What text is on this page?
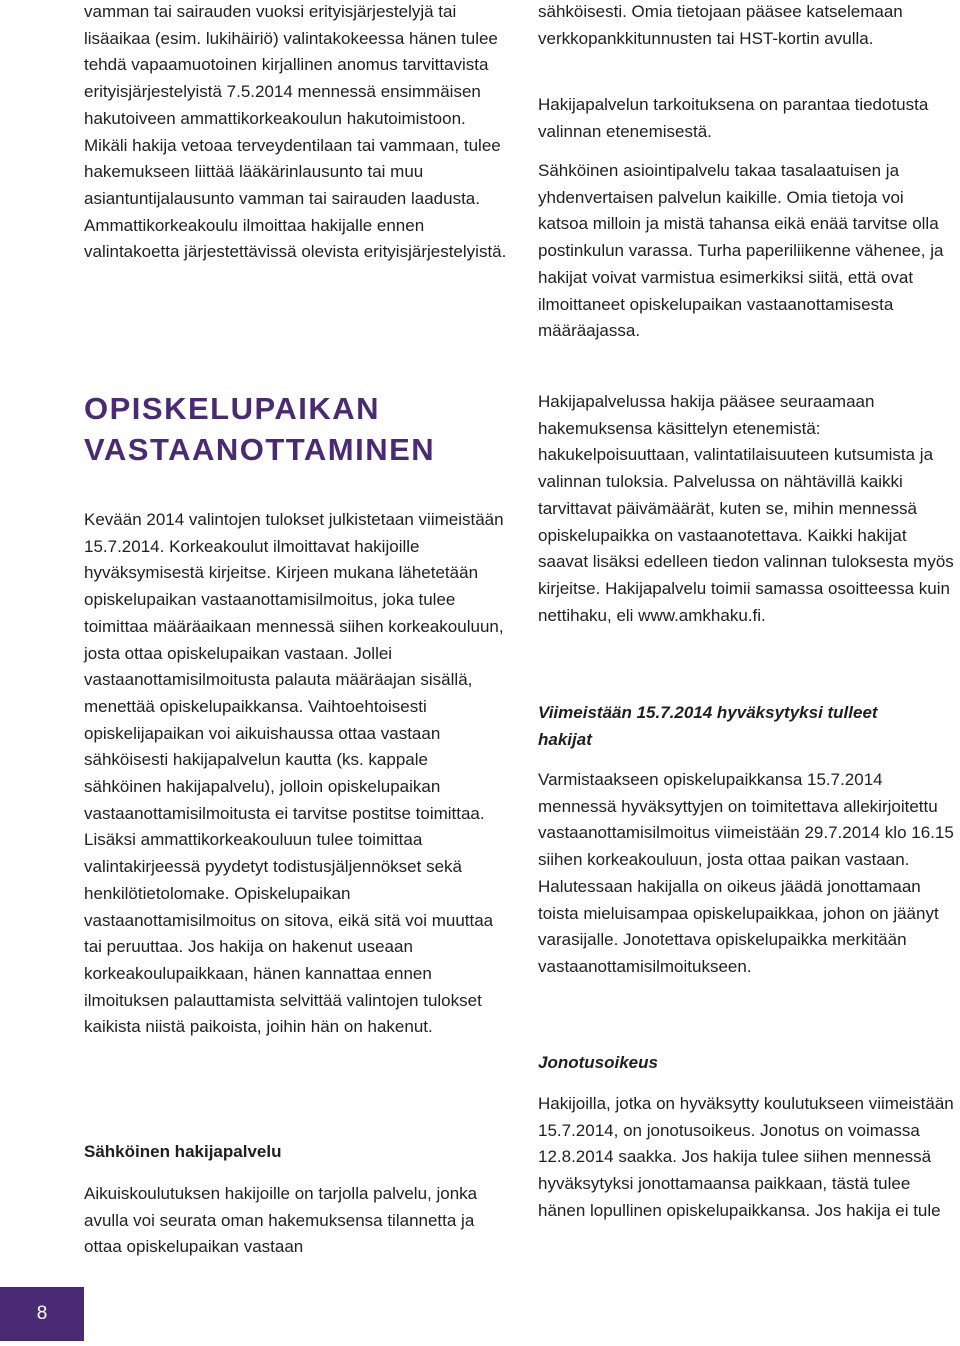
vamman tai sairauden vuoksi erityisjärjestelyjä tai lisäaikaa (esim. lukihäiriö) valintakokeessa hänen tulee tehdä vapaamuotoinen kirjallinen anomus tarvittavista erityisjärjestelyistä 7.5.2014 mennessä ensimmäisen hakutoiveen ammattikorkeakoulun hakutoimistoon. Mikäli hakija vetoaa terveydentilaan tai vammaan, tulee hakemukseen liittää lääkärinlausunto tai muu asiantuntijalausunto vamman tai sairauden laadusta. Ammattikorkeakoulu ilmoittaa hakijalle ennen valintakoetta järjestettävissä olevista erityisjärjestelyistä.

OPISKELUPAIKAN
VASTAANOTTAMINEN

Kevään 2014 valintojen tulokset julkistetaan viimeistään 15.7.2014. Korkeakoulut ilmoittavat hakijoille hyväksymisestä kirjeitse. Kirjeen mukana lähetetään opiskelupaikan vastaanottamisilmoitus, joka tulee toimittaa määräaikaan mennessä siihen korkeakouluun, josta ottaa opiskelupaikan vastaan. Jollei vastaanottamisilmoitusta palauta määräajan sisällä, menettää opiskelupaikkansa. Vaihtoehtoisesti opiskelijapaikan voi aikuishaussa ottaa vastaan sähköisesti hakijapalvelun kautta (ks. kappale sähköinen hakijapalvelu), jolloin opiskelupaikan vastaanottamisilmoitusta ei tarvitse postitse toimittaa. Lisäksi ammattikorkeakouluun tulee toimittaa valintakirjeessä pyydetyt todistusjäljennökset sekä henkilötietolomake. Opiskelupaikan vastaanottamisilmoitus on sitova, eikä sitä voi muuttaa tai peruuttaa. Jos hakija on hakenut useaan korkeakoulupaikkaan, hänen kannattaa ennen ilmoituksen palauttamista selvittää valintojen tulokset kaikista niistä paikoista, joihin hän on hakenut.

Sähköinen hakijapalvelu

Aikuiskoulutuksen hakijoille on tarjolla palvelu, jonka avulla voi seurata oman hakemuksensa tilannetta ja ottaa opiskelupaikan vastaan

sähköisesti. Omia tietojaan pääsee katselemaan verkkopankkitunnusten tai HST-kortin avulla.

Hakijapalvelun tarkoituksena on parantaa tiedotusta valinnan etenemisestä.

Sähköinen asiointipalvelu takaa tasalaatuisen ja yhdenvertaisen palvelun kaikille. Omia tietoja voi katsoa milloin ja mistä tahansa eikä enää tarvitse olla postinkulun varassa. Turha paperiliikenne vähenee, ja hakijat voivat varmistua esimerkiksi siitä, että ovat ilmoittaneet opiskelupaikan vastaanottamisesta määräajassa.

Hakijapalvelussa hakija pääsee seuraamaan hakemuksensa käsittelyn etenemistä: hakukelpoisuuttaan, valintatilaisuuteen kutsumista ja valinnan tuloksia. Palvelussa on nähtävillä kaikki tarvittavat päivämäärät, kuten se, mihin mennessä opiskelupaikka on vastaanotettava. Kaikki hakijat saavat lisäksi edelleen tiedon valinnan tuloksesta myös kirjeitse. Hakijapalvelu toimii samassa osoitteessa kuin nettihaku, eli www.amkhaku.fi.

Viimeistään 15.7.2014 hyväksytyksi tulleet hakijat

Varmistaakseen opiskelupaikkansa 15.7.2014 mennessä hyväksyttyjen on toimitettava allekirjoitettu vastaanottamisilmoitus viimeistään 29.7.2014 klo 16.15 siihen korkeakouluun, josta ottaa paikan vastaan. Halutessaan hakijalla on oikeus jäädä jonottamaan toista mieluisampaa opiskelupaikkaa, johon on jäänyt varasijalle. Jonotettava opiskelupaikka merkitään vastaanottamisilmoitukseen.

Jonotusoikeus

Hakijoilla, jotka on hyväksytty koulutukseen viimeistään 15.7.2014, on jonotusoikeus. Jonotus on voimassa 12.8.2014 saakka. Jos hakija tulee siihen mennessä hyväksytyksi jonottamaansa paikkaan, tästä tulee hänen lopullinen opiskelupaikkansa. Jos hakija ei tule

8
